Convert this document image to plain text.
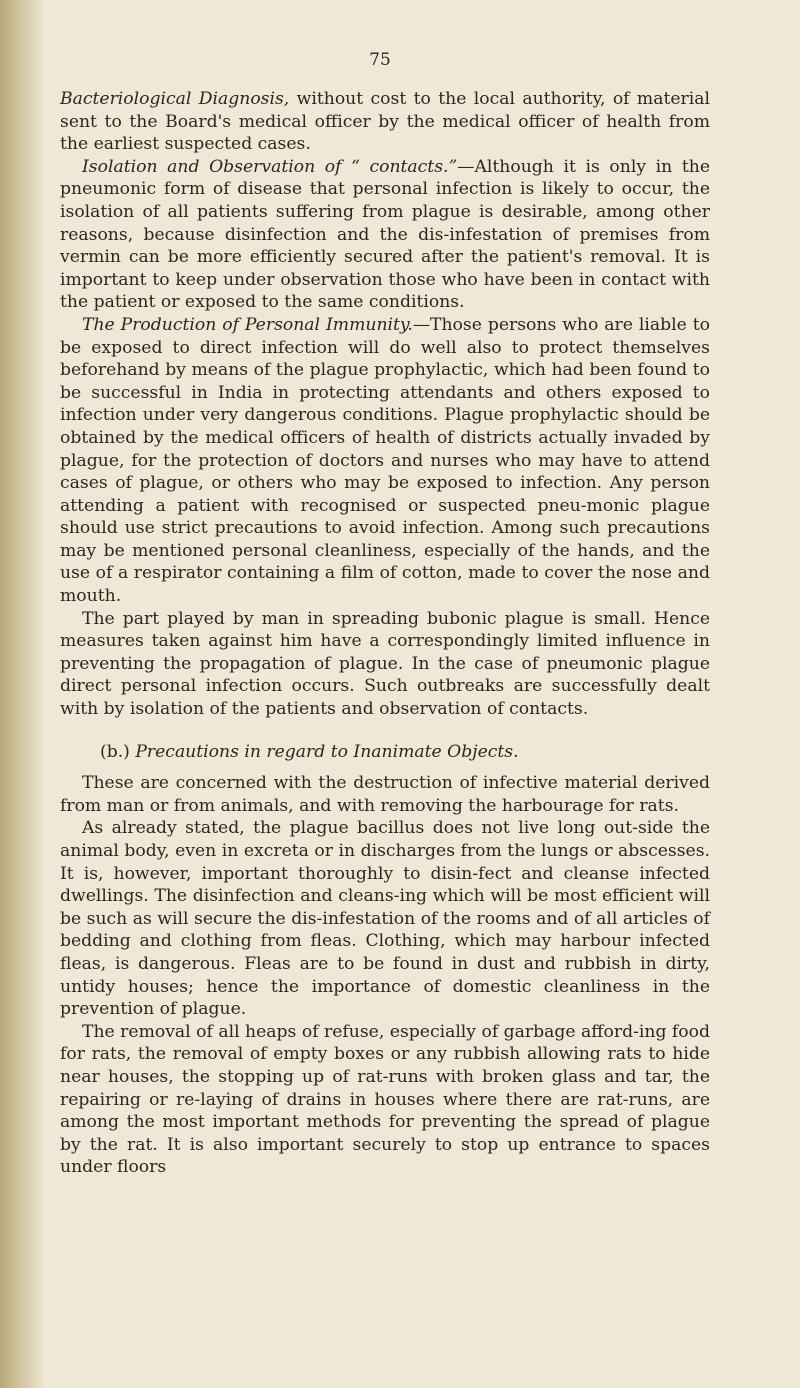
75

Bacteriological Diagnosis, without cost to the local authority, of material sent to the Board's medical officer by the medical officer of health from the earliest suspected cases.

Isolation and Observation of “ contacts.”—Although it is only in the pneumonic form of disease that personal infection is likely to occur, the isolation of all patients suffering from plague is desirable, among other reasons, because disinfection and the dis-infestation of premises from vermin can be more efficiently secured after the patient's removal. It is important to keep under observation those who have been in contact with the patient or exposed to the same conditions.

The Production of Personal Immunity.—Those persons who are liable to be exposed to direct infection will do well also to protect themselves beforehand by means of the plague prophylactic, which had been found to be successful in India in protecting attendants and others exposed to infection under very dangerous conditions. Plague prophylactic should be obtained by the medical officers of health of districts actually invaded by plague, for the protection of doctors and nurses who may have to attend cases of plague, or others who may be exposed to infection. Any person attending a patient with recognised or suspected pneu-monic plague should use strict precautions to avoid infection. Among such precautions may be mentioned personal cleanliness, especially of the hands, and the use of a respirator containing a film of cotton, made to cover the nose and mouth.

The part played by man in spreading bubonic plague is small. Hence measures taken against him have a correspondingly limited influence in preventing the propagation of plague. In the case of pneumonic plague direct personal infection occurs. Such outbreaks are successfully dealt with by isolation of the patients and observation of contacts.

(b.) Precautions in regard to Inanimate Objects.

These are concerned with the destruction of infective material derived from man or from animals, and with removing the harbourage for rats.

As already stated, the plague bacillus does not live long out-side the animal body, even in excreta or in discharges from the lungs or abscesses. It is, however, important thoroughly to disin-fect and cleanse infected dwellings. The disinfection and cleans-ing which will be most efficient will be such as will secure the dis-infestation of the rooms and of all articles of bedding and clothing from fleas. Clothing, which may harbour infected fleas, is dangerous. Fleas are to be found in dust and rubbish in dirty, untidy houses; hence the importance of domestic cleanliness in the prevention of plague.

The removal of all heaps of refuse, especially of garbage afford-ing food for rats, the removal of empty boxes or any rubbish allowing rats to hide near houses, the stopping up of rat-runs with broken glass and tar, the repairing or re-laying of drains in houses where there are rat-runs, are among the most important methods for preventing the spread of plague by the rat. It is also important securely to stop up entrance to spaces under floors
